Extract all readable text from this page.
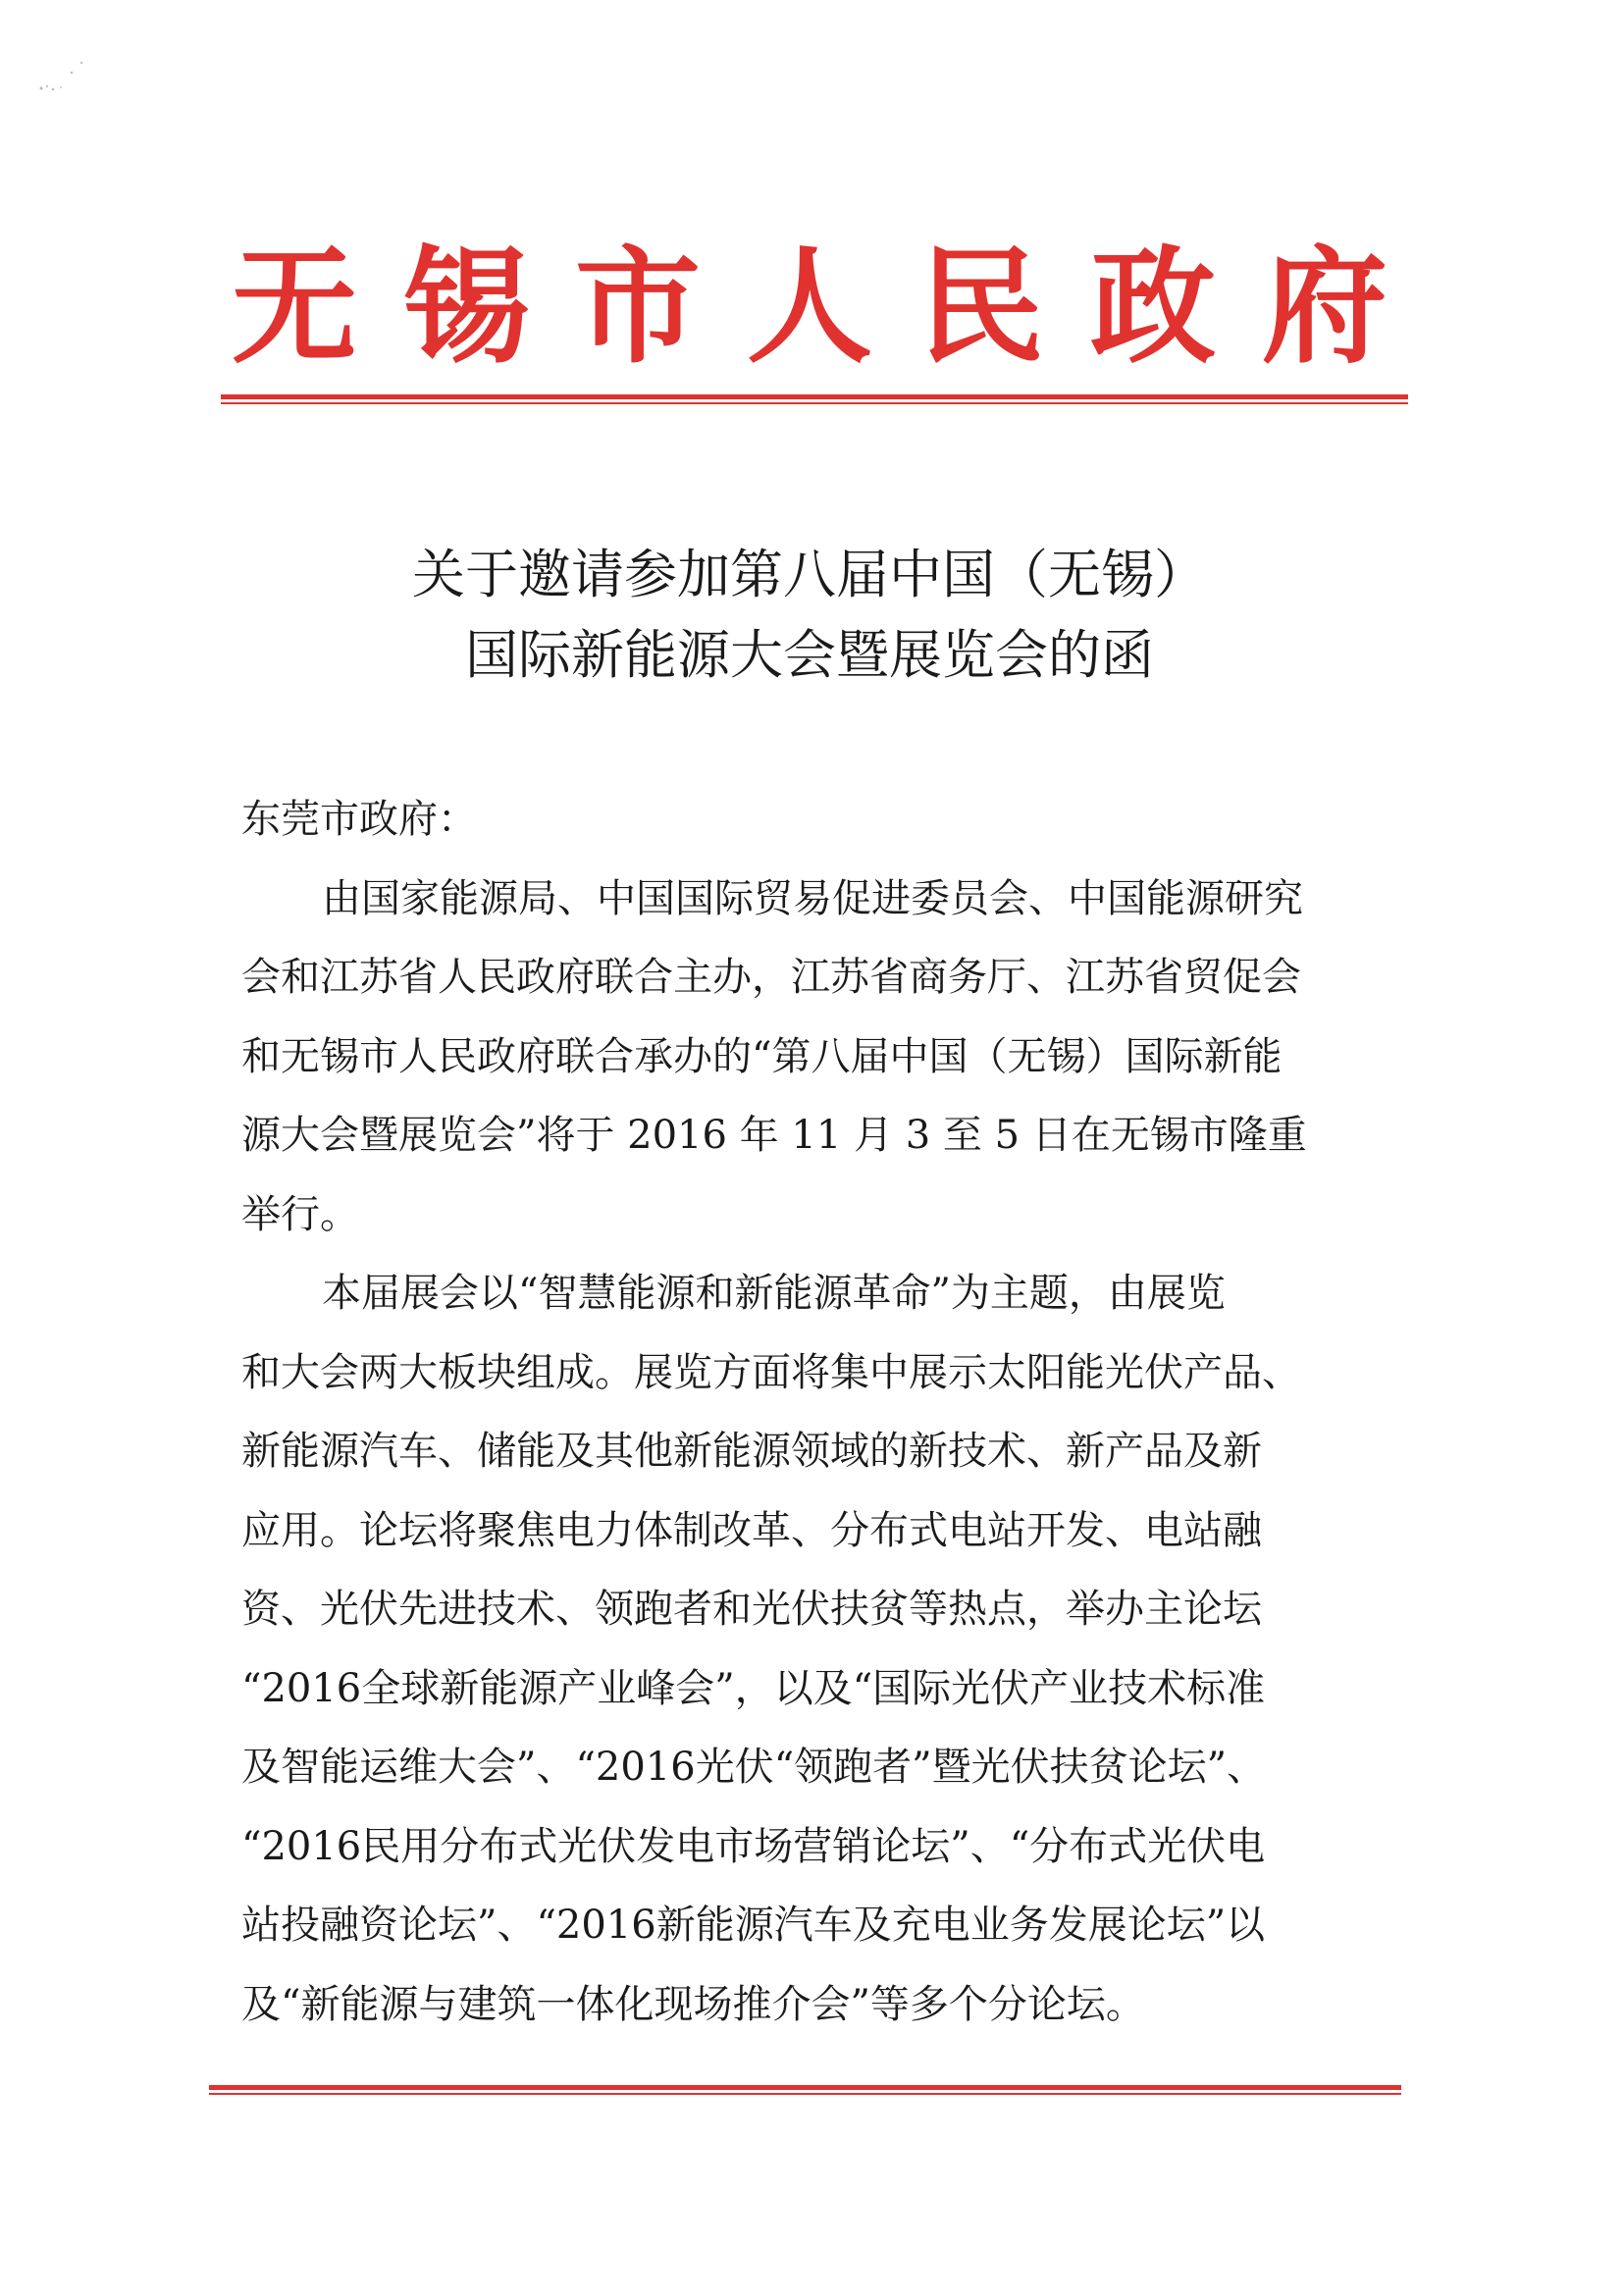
无 锡 市 人 民 政 府
关于邀请参加第八届中国（无锡）
国际新能源大会暨展览会的函
东莞市政府：
由国家能源局、中国国际贸易促进委员会、中国能源研究
会和江苏省人民政府联合主办，江苏省商务厅、江苏省贸促会
和无锡市人民政府联合承办的“第八届中国（无锡）国际新能
源大会暨展览会”将于 2016 年 11 月 3 至 5 日在无锡市隆重
举行。
本届展会以“智慧能源和新能源革命”为主题，由展览
和大会两大板块组成。展览方面将集中展示太阳能光伏产品、
新能源汽车、储能及其他新能源领域的新技术、新产品及新
应用。论坛将聚焦电力体制改革、分布式电站开发、电站融
资、光伏先进技术、领跑者和光伏扶贫等热点，举办主论坛
“2016全球新能源产业峰会”，以及“国际光伏产业技术标准
及智能运维大会”、“2016光伏“领跑者”暨光伏扶贫论坛”、
“2016民用分布式光伏发电市场营销论坛”、“分布式光伏电
站投融资论坛”、“2016新能源汽车及充电业务发展论坛”以
及“新能源与建筑一体化现场推介会”等多个分论坛。
